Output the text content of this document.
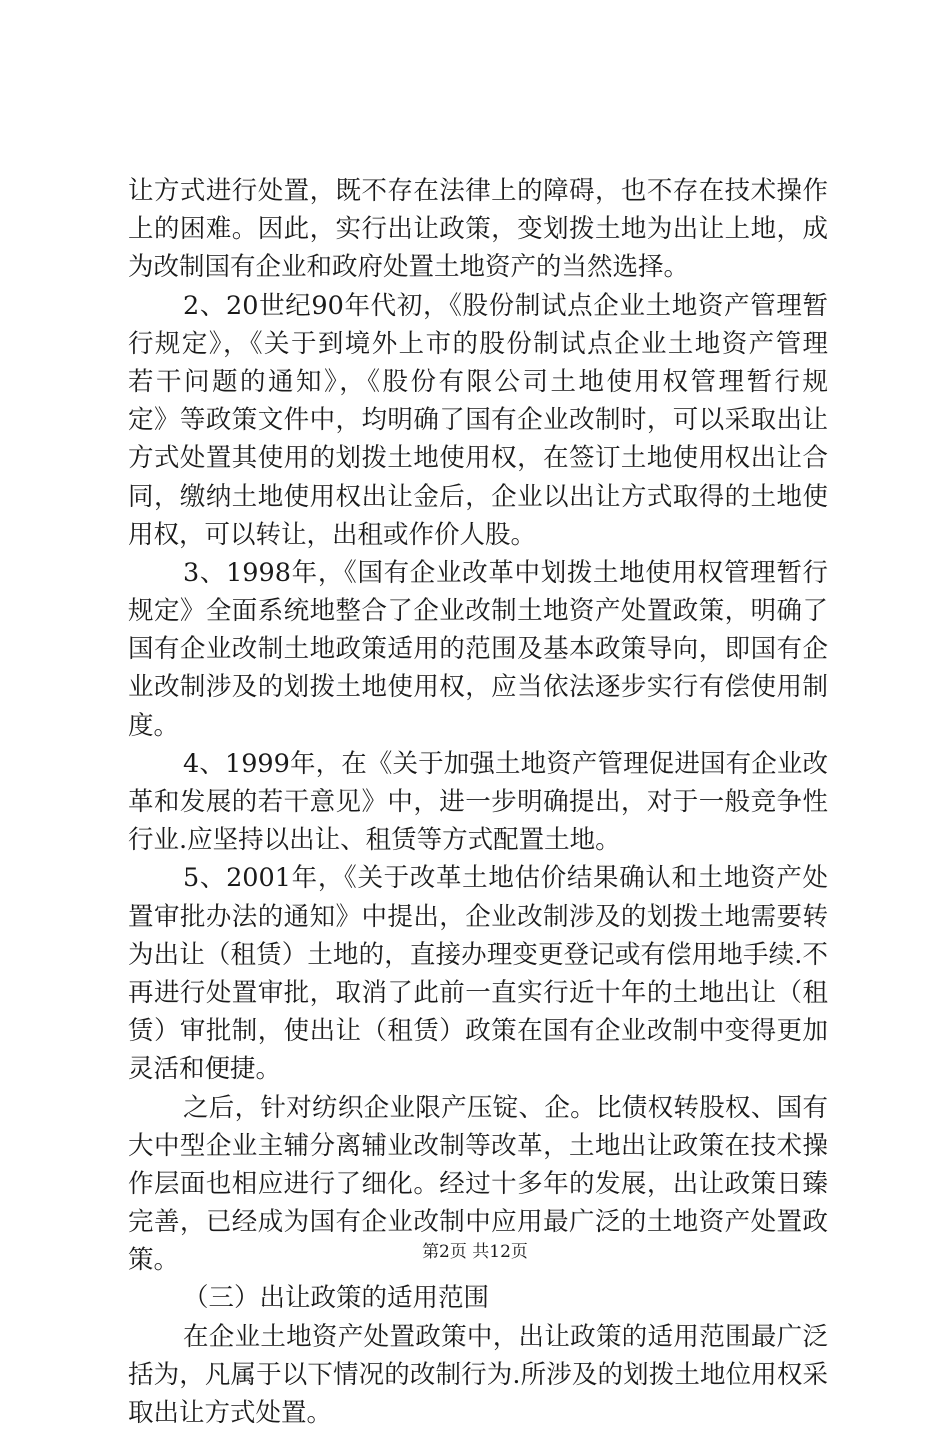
让方式进行处置，既不存在法律上的障碍，也不存在技术操作
上的困难。因此，实行出让政策，变划拨土地为出让上地，成
为改制国有企业和政府处置土地资产的当然选择。
2、20世纪90年代初，《股份制试点企业土地资产管理暂
行规定》，《关于到境外上市的股份制试点企业土地资产管理
若干问题的通知》，《股份有限公司土地使用权管理暂行规
定》等政策文件中，均明确了国有企业改制时，可以采取出让
方式处置其使用的划拨土地使用权，在签订土地使用权出让合
同，缴纳土地使用权出让金后，企业以出让方式取得的土地使
用权，可以转让，出租或作价人股。
3、1998年，《国有企业改革中划拨土地使用权管理暂行
规定》全面系统地整合了企业改制土地资产处置政策，明确了
国有企业改制土地政策适用的范围及基本政策导向，即国有企
业改制涉及的划拨土地使用权，应当依法逐步实行有偿使用制
度。
4、1999年，在《关于加强土地资产管理促进国有企业改
革和发展的若干意见》中，进一步明确提出，对于一般竞争性
行业.应坚持以出让、租赁等方式配置土地。
5、2001年，《关于改革土地估价结果确认和土地资产处
置审批办法的通知》中提出，企业改制涉及的划拨土地需要转
为出让（租赁）土地的，直接办理变更登记或有偿用地手续.不
再进行处置审批，取消了此前一直实行近十年的土地出让（租
赁）审批制，使出让（租赁）政策在国有企业改制中变得更加
灵活和便捷。
之后，针对纺织企业限产压锭、企。比债权转股权、国有
大中型企业主辅分离辅业改制等改革，土地出让政策在技术操
作层面也相应进行了细化。经过十多年的发展，出让政策日臻
完善，已经成为国有企业改制中应用最广泛的土地资产处置政
策。
（三）出让政策的适用范围
在企业土地资产处置政策中，出让政策的适用范围最广泛
括为，凡属于以下情况的改制行为.所涉及的划拨土地位用权采
取出让方式处置。
第2页 共12页
